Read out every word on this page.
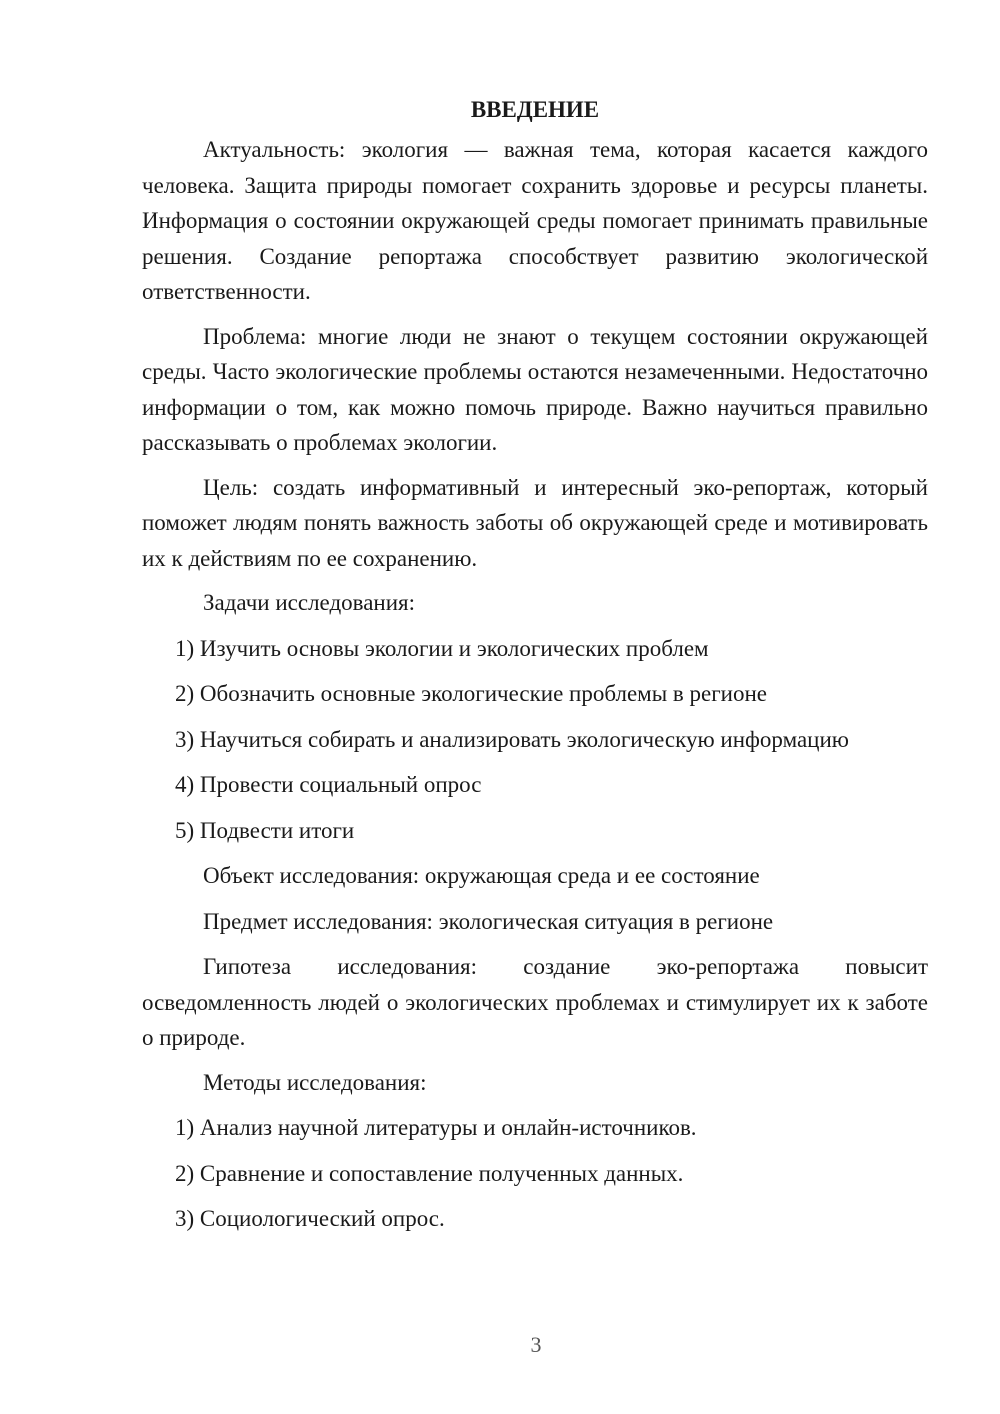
ВВЕДЕНИЕ

Актуальность: экология — важная тема, которая касается каждого человека. Защита природы помогает сохранить здоровье и ресурсы планеты. Информация о состоянии окружающей среды помогает принимать правильные решения. Создание репортажа способствует развитию экологической ответственности.

Проблема: многие люди не знают о текущем состоянии окружающей среды. Часто экологические проблемы остаются незамеченными. Недостаточно информации о том, как можно помочь природе. Важно научиться правильно рассказывать о проблемах экологии.

Цель: создать информативный и интересный эко-репортаж, который поможет людям понять важность заботы об окружающей среде и мотивировать их к действиям по ее сохранению.

Задачи исследования:

1) Изучить основы экологии и экологических проблем

2) Обозначить основные экологические проблемы в регионе

3) Научиться собирать и анализировать экологическую информацию

4) Провести социальный опрос

5) Подвести итоги

Объект исследования: окружающая среда и ее состояние

Предмет исследования: экологическая ситуация в регионе

Гипотеза исследования: создание эко-репортажа повысит осведомленность людей о экологических проблемах и стимулирует их к заботе о природе.

Методы исследования:

1) Анализ научной литературы и онлайн-источников.

2) Сравнение и сопоставление полученных данных.

3) Социологический опрос.

3
